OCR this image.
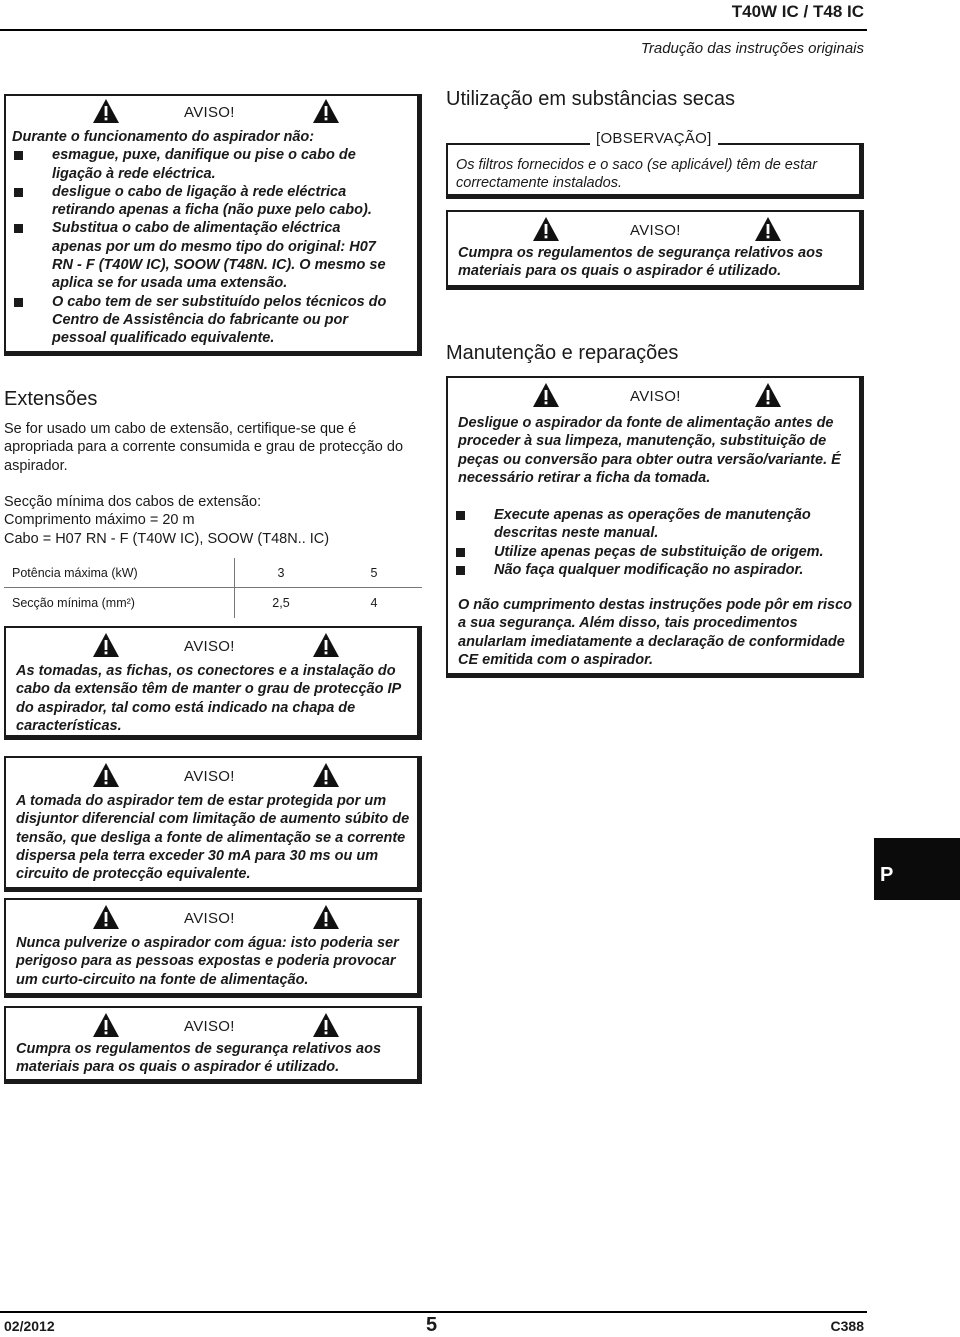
T40W IC / T48 IC
Tradução das instruções originais
AVISO!
Durante o funcionamento do aspirador não:
esmague, puxe, danifique ou pise o cabo de ligação à rede eléctrica.
desligue o cabo de ligação à rede eléctrica retirando apenas a ficha (não puxe pelo cabo).
Substitua o cabo de alimentação eléctrica apenas por um do mesmo tipo do original: H07 RN - F (T40W IC), SOOW (T48N. IC). O mesmo se aplica se for usada uma extensão.
O cabo tem de ser substituído pelos técnicos do Centro de Assistência do fabricante ou por pessoal qualificado equivalente.
Extensões
Se for usado um cabo de extensão, certifique-se que é apropriada para a corrente consumida e grau de protecção do aspirador.
Secção mínima dos cabos de extensão:
Comprimento máximo = 20 m
Cabo = H07 RN - F (T40W IC), SOOW (T48N.. IC)
Potência máxima (kW)	3	5
Secção mínima (mm²)	2,5	4
AVISO!
As tomadas, as fichas, os conectores e a instalação do cabo da extensão têm de manter o grau de protecção IP do aspirador, tal como está indicado na chapa de características.
AVISO!
A tomada do aspirador tem de estar protegida por um disjuntor diferencial com limitação de aumento súbito de tensão, que desliga a fonte de alimentação se a corrente dispersa pela terra exceder 30 mA para 30 ms ou um circuito de protecção equivalente.
AVISO!
Nunca pulverize o aspirador com água: isto poderia ser perigoso para as pessoas expostas e poderia provocar um curto-circuito na fonte de alimentação.
AVISO!
Cumpra os regulamentos de segurança relativos aos materiais para os quais o aspirador é utilizado.
Utilização em substâncias secas
[OBSERVAÇÃO]
Os filtros fornecidos e o saco (se aplicável) têm de estar correctamente instalados.
AVISO!
Cumpra os regulamentos de segurança relativos aos materiais para os quais o aspirador é utilizado.
Manutenção e reparações
AVISO!
Desligue o aspirador da fonte de alimentação antes de proceder à sua limpeza, manutenção, substituição de peças ou conversão para obter outra versão/variante. É necessário retirar a ficha da tomada.
Execute apenas as operações de manutenção descritas neste manual.
Utilize apenas peças de substituição de origem.
Não faça qualquer modificação no aspirador.
O não cumprimento destas instruções pode pôr em risco a sua segurança. Além disso, tais procedimentos anularIam imediatamente a declaração de conformidade CE emitida com o aspirador.
P
02/2012	5	C388
